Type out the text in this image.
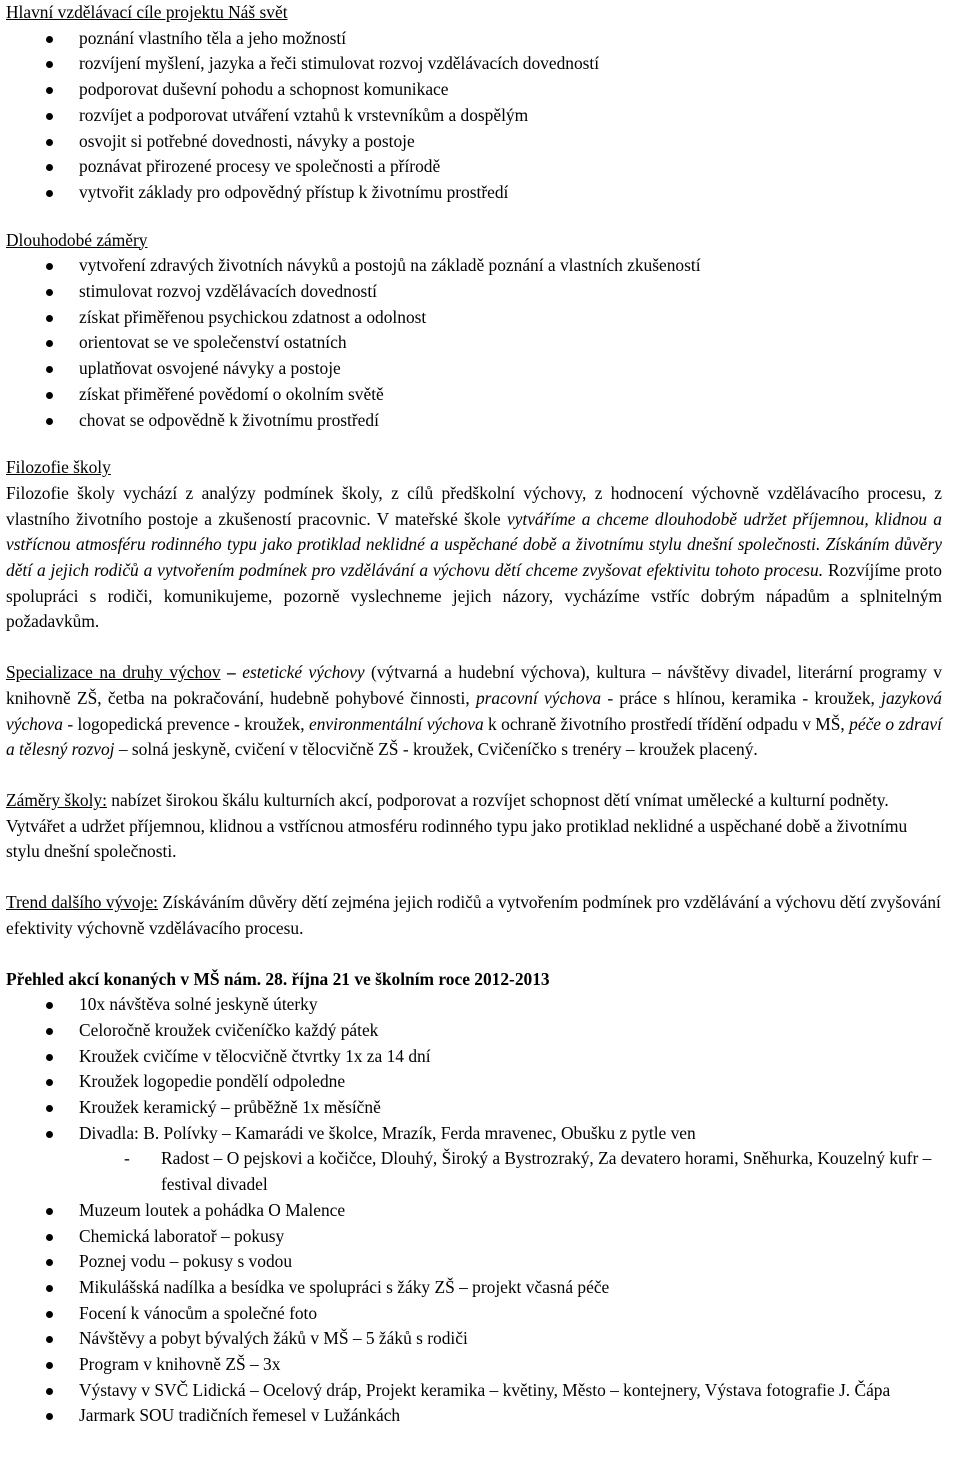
Hlavní vzdělávací cíle projektu Náš svět

poznání vlastního těla a jeho možností
rozvíjení myšlení, jazyka a řeči stimulovat rozvoj vzdělávacích dovedností
podporovat duševní pohodu a schopnost komunikace
rozvíjet a podporovat utváření vztahů k vrstevníkům a dospělým
osvojit si potřebné dovednosti, návyky a postoje
poznávat přirozené procesy ve společnosti a přírodě
vytvořit základy pro odpovědný přístup k životnímu prostředí

Dlouhodobé záměry

vytvoření zdravých životních návyků a postojů na základě poznání a vlastních zkušeností
stimulovat rozvoj vzdělávacích dovedností
získat přiměřenou psychickou zdatnost a odolnost
orientovat se ve společenství ostatních
uplatňovat osvojené návyky a postoje
získat přiměřené povědomí o okolním světě
chovat se odpovědně k životnímu prostředí

Filozofie školy

Filozofie školy vychází z analýzy podmínek školy, z cílů předškolní výchovy, z hodnocení výchovně vzdělávacího procesu, z vlastního životního postoje a zkušeností pracovnic. V mateřské škole vytváříme a chceme dlouhodobě udržet příjemnou, klidnou a vstřícnou atmosféru rodinného typu jako protiklad neklidné a uspěchané době a životnímu stylu dnešní společnosti. Získáním důvěry dětí a jejich rodičů a vytvořením podmínek pro vzdělávání a výchovu dětí chceme zvyšovat efektivitu tohoto procesu. Rozvíjíme proto spolupráci s rodiči, komunikujeme, pozorně vyslechneme jejich názory, vycházíme vstříc dobrým nápadům a splnitelným požadavkům.

Specializace na druhy výchov – estetické výchovy (výtvarná a hudební výchova), kultura – návštěvy divadel, literární programy v knihovně ZŠ, četba na pokračování, hudebně pohybové činnosti, pracovní výchova - práce s hlínou, keramika - kroužek, jazyková výchova - logopedická prevence - kroužek, environmentální výchova k ochraně životního prostředí třídění odpadu v MŠ, péče o zdraví a tělesný rozvoj – solná jeskyně, cvičení v tělocvičně ZŠ - kroužek, Cvičeníčko s trenéry – kroužek placený.

Záměry školy: nabízet širokou škálu kulturních akcí, podporovat a rozvíjet schopnost dětí vnímat umělecké a kulturní podněty. Vytvářet a udržet příjemnou, klidnou a vstřícnou atmosféru rodinného typu jako protiklad neklidné a uspěchané době a životnímu stylu dnešní společnosti.

Trend dalšího vývoje: Získáváním důvěry dětí zejména jejich rodičů a vytvořením podmínek pro vzdělávání a výchovu dětí zvyšování efektivity výchovně vzdělávacího procesu.

Přehled akcí konaných v MŠ nám. 28. října 21 ve školním roce 2012-2013

10x návštěva solné jeskyně úterky
Celoročně kroužek cvičeníčko každý pátek
Kroužek cvičíme v tělocvičně čtvrtky 1x za 14 dní
Kroužek logopedie pondělí odpoledne
Kroužek keramický – průběžně 1x měsíčně
Divadla: B. Polívky – Kamarádi ve školce, Mrazík, Ferda mravenec, Obušku z pytle ven
- Radost – O pejskovi a kočičce, Dlouhý, Široký a Bystrozraký, Za devatero horami, Sněhurka, Kouzelný kufr – festival divadel
Muzeum loutek a pohádka O Malence
Chemická laboratoř – pokusy
Poznej vodu – pokusy s vodou
Mikulášská nadílka a besídka ve spolupráci s žáky ZŠ – projekt včasná péče
Focení k vánocům a společné foto
Návštěvy a pobyt bývalých žáků v MŠ – 5 žáků s rodiči
Program v knihovně ZŠ – 3x
Výstavy v SVČ Lidická – Ocelový dráp, Projekt keramika – květiny, Město – kontejnery, Výstava fotografie J. Čápa
Jarmark SOU tradičních řemesel v Lužánkách
